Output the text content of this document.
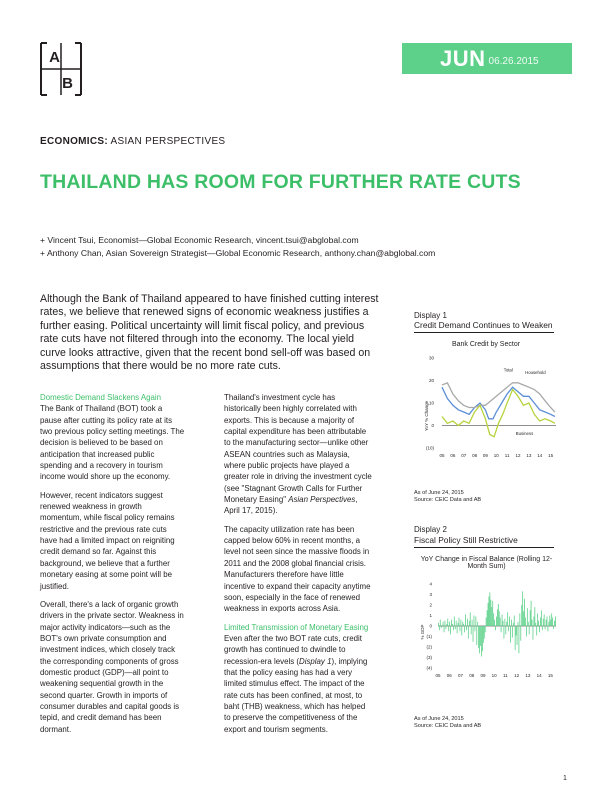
A
B
JUN 06.26.2015
ECONOMICS: ASIAN PERSPECTIVES
THAILAND HAS ROOM FOR FURTHER RATE CUTS
+ Vincent Tsui, Economist—Global Economic Research, vincent.tsui@abglobal.com
+ Anthony Chan, Asian Sovereign Strategist—Global Economic Research, anthony.chan@abglobal.com
Although the Bank of Thailand appeared to have finished cutting interest rates, we believe that renewed signs of economic weakness justifies a further easing. Political uncertainty will limit fiscal policy, and previous rate cuts have not filtered through into the economy. The local yield curve looks attractive, given that the recent bond sell-off was based on assumptions that there would be no more rate cuts.
Domestic Demand Slackens Again

The Bank of Thailand (BOT) took a pause after cutting its policy rate at its two previous policy setting meetings. The decision is believed to be based on anticipation that increased public spending and a recovery in tourism income would shore up the economy.

However, recent indicators suggest renewed weakness in growth momentum, while fiscal policy remains restrictive and the previous rate cuts have had a limited impact on reigniting credit demand so far. Against this background, we believe that a further monetary easing at some point will be justified.

Overall, there's a lack of organic growth drivers in the private sector. Weakness in major activity indicators—such as the BOT's own private consumption and investment indices, which closely track the corresponding components of gross domestic product (GDP)—all point to weakening sequential growth in the second quarter. Growth in imports of consumer durables and capital goods is tepid, and credit demand has been dormant.

Thailand's investment cycle has historically been highly correlated with exports. This is because a majority of capital expenditure has been attributable to the manufacturing sector—unlike other ASEAN countries such as Malaysia, where public projects have played a greater role in driving the investment cycle (see "Stagnant Growth Calls for Further Monetary Easing" Asian Perspectives, April 17, 2015).

The capacity utilization rate has been capped below 60% in recent months, a level not seen since the massive floods in 2011 and the 2008 global financial crisis. Manufacturers therefore have little incentive to expand their capacity anytime soon, especially in the face of renewed weakness in exports across Asia.

Limited Transmission of Monetary Easing

Even after the two BOT rate cuts, credit growth has continued to dwindle to recession-era levels (Display 1), implying that the policy easing has had a very limited stimulus effect. The impact of the rate cuts has been confined, at most, to baht (THB) weakness, which has helped to preserve the competitiveness of the export and tourism segments.

Display 1
Credit Demand Continues to Weaken
Bank Credit by Sector
YoY % Change
30
20
10
0
(10)
05 06 07 08 09 10 11 12 13 14 15
Total	Household
Business
As of June 24, 2015
Source: CEIC Data and AB
Display 2
Fiscal Policy Still Restrictive
YoY Change in Fiscal Balance (Rolling 12-Month Sum)
% GDP
4
3
2
1
0
(1)
(2)
(3)
(4)
05 06 07 08 09 10 11 12 13 14 15
As of June 24, 2015
Source: CEIC Data and AB
1
